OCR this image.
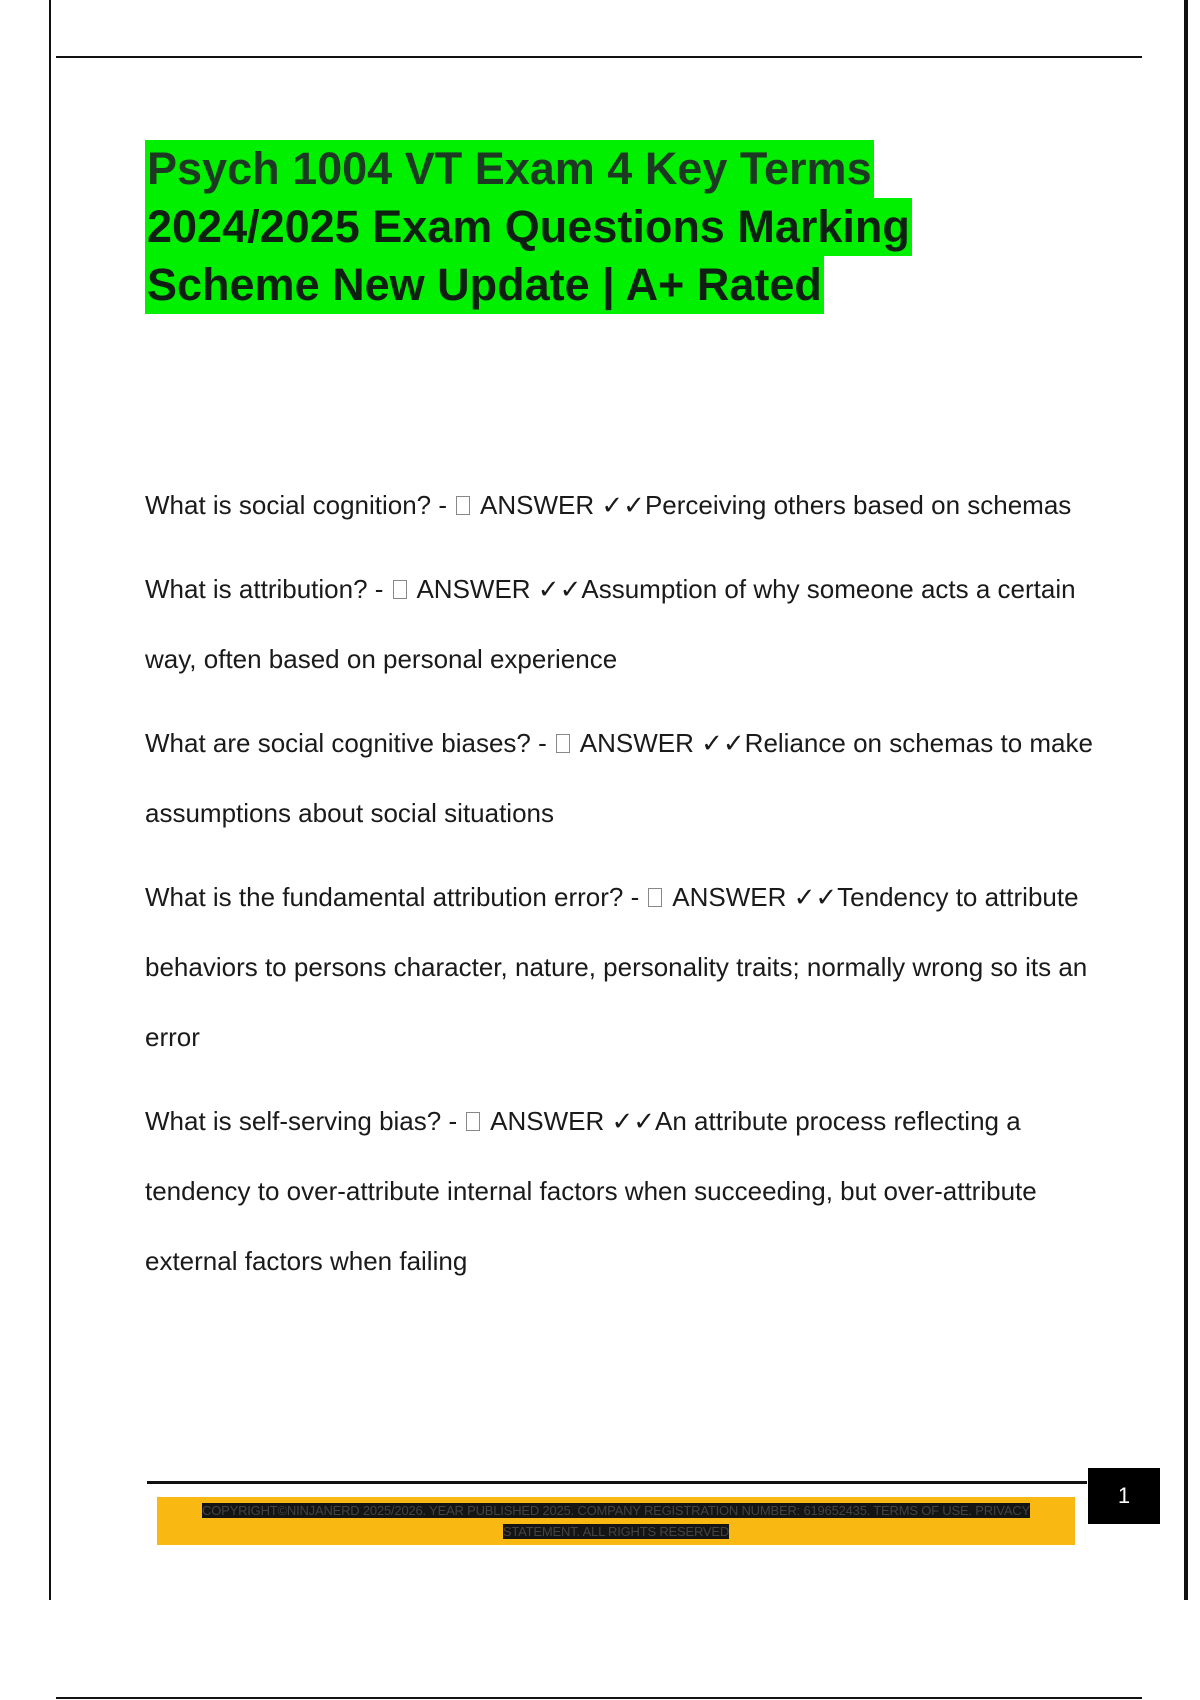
Psych 1004 VT Exam 4 Key Terms
2024/2025 Exam Questions Marking
Scheme New Update | A+ Rated

What is social cognition? -  ANSWER ✓✓Perceiving others based on schemas

What is attribution? -  ANSWER ✓✓Assumption of why someone acts a certain way, often based on personal experience

What are social cognitive biases? -  ANSWER ✓✓Reliance on schemas to make assumptions about social situations

What is the fundamental attribution error? -  ANSWER ✓✓Tendency to attribute behaviors to persons character, nature, personality traits; normally wrong so its an error

What is self-serving bias? -  ANSWER ✓✓An attribute process reflecting a tendency to over-attribute internal factors when succeeding, but over-attribute external factors when failing

1
COPYRIGHT©NINJANERD 2025/2026. YEAR PUBLISHED 2025. COMPANY REGISTRATION NUMBER: 619652435. TERMS OF USE. PRIVACY STATEMENT. ALL RIGHTS RESERVED
